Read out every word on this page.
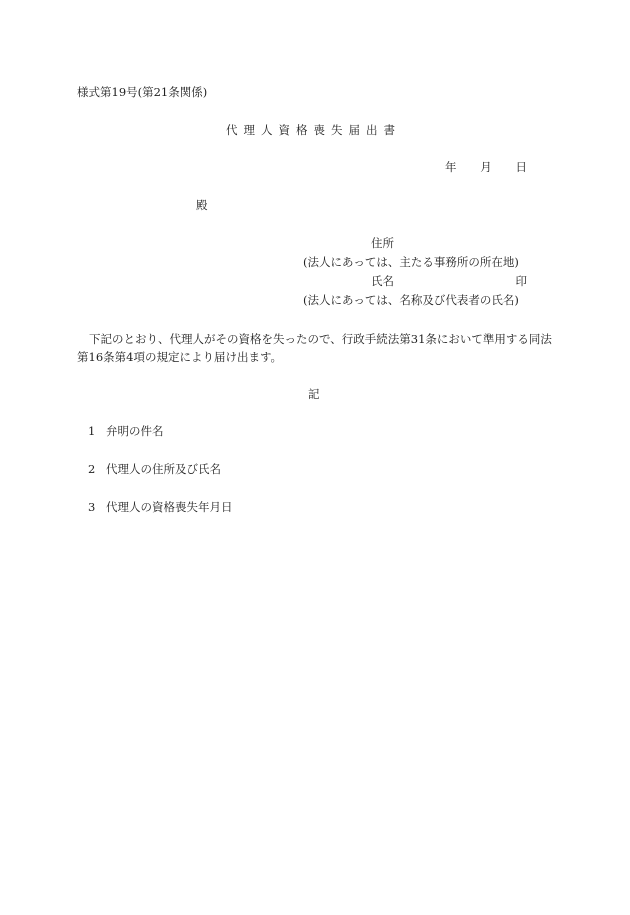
様式第19号(第21条関係)
代理人資格喪失届出書
年 月 日
殿
住所
(法人にあっては、主たる事務所の所在地)
氏名	印
(法人にあっては、名称及び代表者の氏名)
下記のとおり、代理人がその資格を失ったので、行政手続法第31条において準用する同法第16条第4項の規定により届け出ます。
記
1 弁明の件名
2 代理人の住所及び氏名
3 代理人の資格喪失年月日
